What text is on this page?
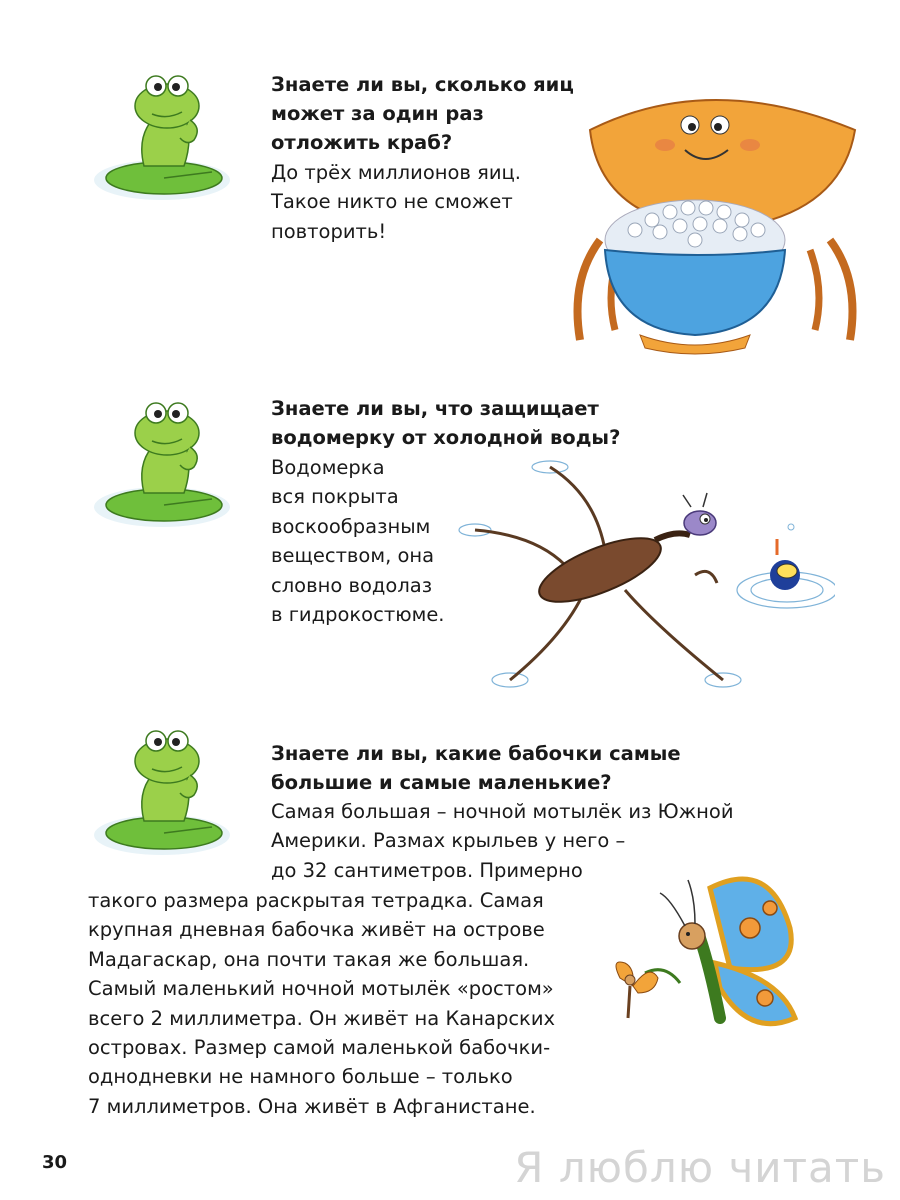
Знаете ли вы, сколько яиц
может за один раз
отложить краб?
До трёх миллионов яиц.
Такое никто не сможет
повторить!
Знаете ли вы, что защищает
водомерку от холодной воды?
Водомерка
вся покрыта
воскообразным
веществом, она
словно водолаз
в гидрокостюме.
Знаете ли вы, какие бабочки самые
большие и самые маленькие?
Самая большая – ночной мотылёк из Южной
Америки. Размах крыльев у него –
до 32 сантиметров. Примерно
такого размера раскрытая тетрадка. Самая
крупная дневная бабочка живёт на острове
Мадагаскар, она почти такая же большая.
Самый маленький ночной мотылёк «ростом»
всего 2 миллиметра. Он живёт на Канарских
островах. Размер самой маленькой бабочки-
однодневки не намного больше – только
7 миллиметров. Она живёт в Афганистане.
30	Я люблю читать
